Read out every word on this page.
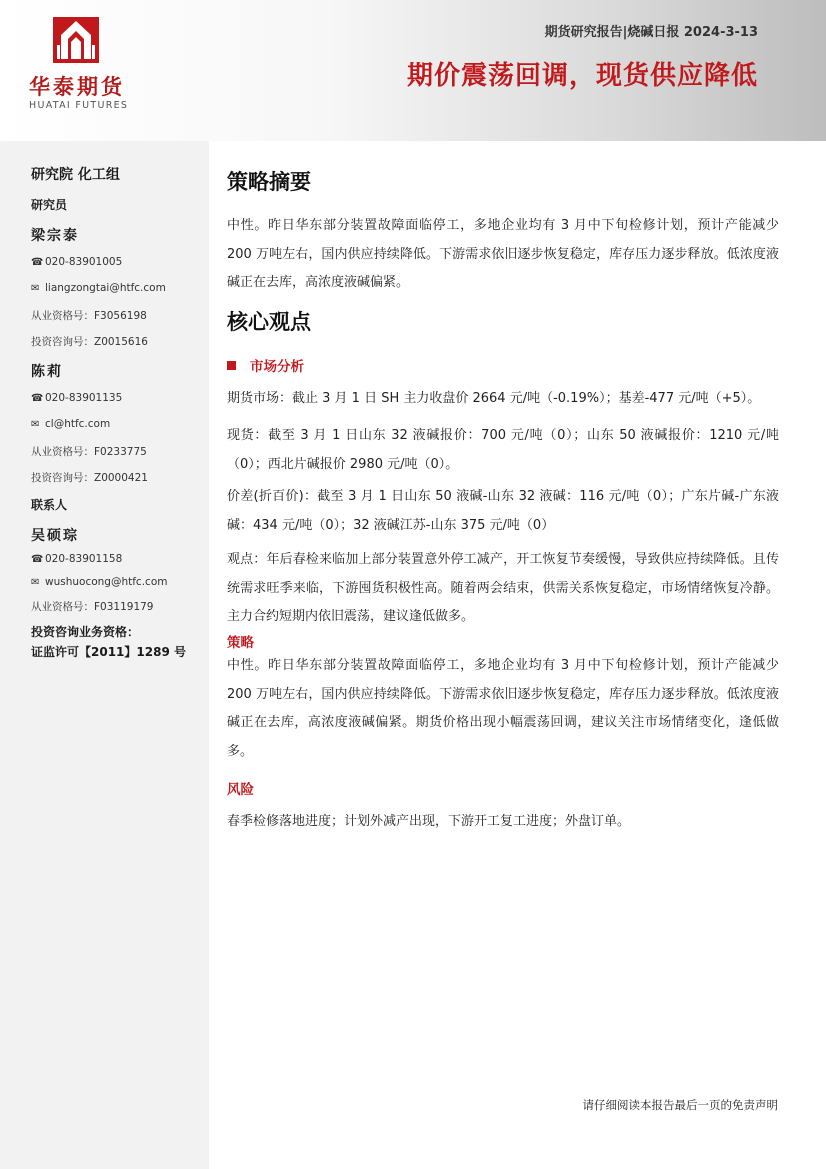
华泰期货
HUATAI FUTURES
期货研究报告|烧碱日报 2024-3-13
期价震荡回调，现货供应降低
研究院 化工组
研究员
梁宗泰
☎ 020-83901005
✉ liangzongtai@htfc.com
从业资格号：F3056198
投资咨询号：Z0015616
陈莉
☎ 020-83901135
✉ cl@htfc.com
从业资格号：F0233775
投资咨询号：Z0000421
联系人
吴硕琮
☎ 020-83901158
✉ wushuocong@htfc.com
从业资格号：F03119179
投资咨询业务资格：
证监许可【2011】1289 号
策略摘要
中性。昨日华东部分装置故障面临停工，多地企业均有 3 月中下旬检修计划，预计产能减少 200 万吨左右，国内供应持续降低。下游需求依旧逐步恢复稳定，库存压力逐步释放。低浓度液碱正在去库，高浓度液碱偏紧。
核心观点
市场分析
期货市场：截止 3 月 1 日 SH 主力收盘价 2664 元/吨（-0.19%）；基差-477 元/吨（+5）。
现货：截至 3 月 1 日山东 32 液碱报价：700 元/吨（0）；山东 50 液碱报价：1210 元/吨（0）；西北片碱报价 2980 元/吨（0）。
价差(折百价)：截至 3 月 1 日山东 50 液碱-山东 32 液碱：116 元/吨（0）；广东片碱-广东液碱：434 元/吨（0）；32 液碱江苏-山东 375 元/吨（0）
观点：年后春检来临加上部分装置意外停工减产，开工恢复节奏缓慢，导致供应持续降低。且传统需求旺季来临，下游囤货积极性高。随着两会结束，供需关系恢复稳定，市场情绪恢复冷静。主力合约短期内依旧震荡，建议逢低做多。
策略
中性。昨日华东部分装置故障面临停工，多地企业均有 3 月中下旬检修计划，预计产能减少 200 万吨左右，国内供应持续降低。下游需求依旧逐步恢复稳定，库存压力逐步释放。低浓度液碱正在去库，高浓度液碱偏紧。期货价格出现小幅震荡回调，建议关注市场情绪变化，逢低做多。
风险
春季检修落地进度；计划外减产出现，下游开工复工进度；外盘订单。
请仔细阅读本报告最后一页的免责声明
